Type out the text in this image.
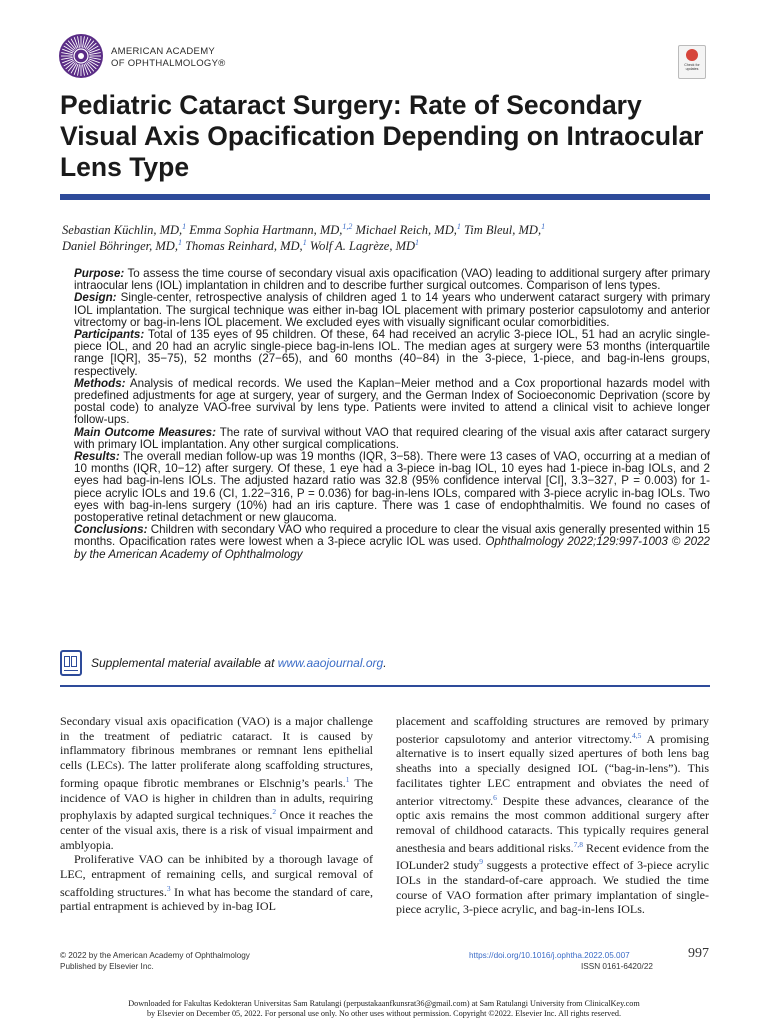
AMERICAN ACADEMY
OF OPHTHALMOLOGY®	Check for updates
Pediatric Cataract Surgery: Rate of Secondary Visual Axis Opacification Depending on Intraocular Lens Type
Sebastian Küchlin, MD,$^1$ Emma Sophia Hartmann, MD,$^{1,2}$ Michael Reich, MD,$^1$ Tim Bleul, MD,$^1$
Daniel Böhringer, MD,$^1$ Thomas Reinhard, MD,$^1$ Wolf A. Lagrèze, $MD^1$

Purpose: To assess the time course of secondary visual axis opacification (VAO) leading to additional surgery after primary intraocular lens (IOL) implantation in children and to describe further surgical outcomes. Comparison of lens types.

Design: Single-center, retrospective analysis of children aged 1 to 14 years who underwent cataract surgery with primary IOL implantation. The surgical technique was either in-bag IOL placement with primary posterior capsulotomy and anterior vitrectomy or bag-in-lens IOL placement. We excluded eyes with visually significant ocular comorbidities.

Participants: Total of 135 eyes of 95 children. Of these, 64 had received an acrylic 3-piece IOL, 51 had an acrylic single-piece IOL, and 20 had an acrylic single-piece bag-in-lens IOL. The median ages at surgery were 53 months (interquartile range [IQR], 35−75), 52 months (27−65), and 60 months (40−84) in the 3-piece, 1-piece, and bag-in-lens groups, respectively.

Methods: Analysis of medical records. We used the Kaplan−Meier method and a Cox proportional hazards model with predefined adjustments for age at surgery, year of surgery, and the German Index of Socioeconomic Deprivation (score by postal code) to analyze VAO-free survival by lens type. Patients were invited to attend a clinical visit to achieve longer follow-ups.

Main Outcome Measures: The rate of survival without VAO that required clearing of the visual axis after cataract surgery with primary IOL implantation. Any other surgical complications.

Results: The overall median follow-up was 19 months (IQR, 3−58). There were 13 cases of VAO, occurring at a median of 10 months (IQR, 10−12) after surgery. Of these, 1 eye had a 3-piece in-bag IOL, 10 eyes had 1-piece in-bag IOLs, and 2 eyes had bag-in-lens IOLs. The adjusted hazard ratio was 32.8 (95% confidence interval [CI], 3.3−327, P = 0.003) for 1-piece acrylic IOLs and 19.6 (CI, 1.22−316, P = 0.036) for bag-in-lens IOLs, compared with 3-piece acrylic in-bag IOLs. Two eyes with bag-in-lens surgery (10%) had an iris capture. There was 1 case of endophthalmitis. We found no cases of postoperative retinal detachment or new glaucoma.

Conclusions: Children with secondary VAO who required a procedure to clear the visual axis generally presented within 15 months. Opacification rates were lowest when a 3-piece acrylic IOL was used. Ophthalmology 2022;129:997-1003 © 2022 by the American Academy of Ophthalmology

Supplemental material available at www.aaojournal.org.

Secondary visual axis opacification (VAO) is a major challenge in the treatment of pediatric cataract. It is caused by inflammatory fibrinous membranes or remnant lens epithelial cells (LECs). The latter proliferate along scaffolding structures, forming opaque fibrotic membranes or Elschnig’s pearls.$^1$ The incidence of VAO is higher in children than in adults, requiring prophylaxis by adapted surgical techniques.$^2$ Once it reaches the center of the visual axis, there is a risk of visual impairment and amblyopia.

Proliferative VAO can be inhibited by a thorough lavage of LEC, entrapment of remaining cells, and surgical removal of scaffolding structures.$^3$ In what has become the standard of care, partial entrapment is achieved by in-bag IOL

placement and scaffolding structures are removed by primary posterior capsulotomy and anterior vitrectomy.$^{4,5}$ A promising alternative is to insert equally sized apertures of both lens bag sheaths into a specially designed IOL (“bag-in-lens”). This facilitates tighter LEC entrapment and obviates the need of anterior vitrectomy.$^6$ Despite these advances, clearance of the optic axis remains the most common additional surgery after removal of childhood cataracts. This typically requires general anesthesia and bears additional risks.$^{7,8}$ Recent evidence from the IOLunder2 study$^9$ suggests a protective effect of 3-piece acrylic IOLs in the standard-of-care approach. We studied the time course of VAO formation after primary implantation of single-piece acrylic, 3-piece acrylic, and bag-in-lens IOLs.

© 2022 by the American Academy of Ophthalmology
Published by Elsevier Inc.
https://doi.org/10.1016/j.ophtha.2022.05.007
ISSN 0161-6420/22
997
Downloaded for Fakultas Kedokteran Universitas Sam Ratulangi (perpustakaanfkunsrat36@gmail.com) at Sam Ratulangi University from ClinicalKey.com
by Elsevier on December 05, 2022. For personal use only. No other uses without permission. Copyright ©2022. Elsevier Inc. All rights reserved.
